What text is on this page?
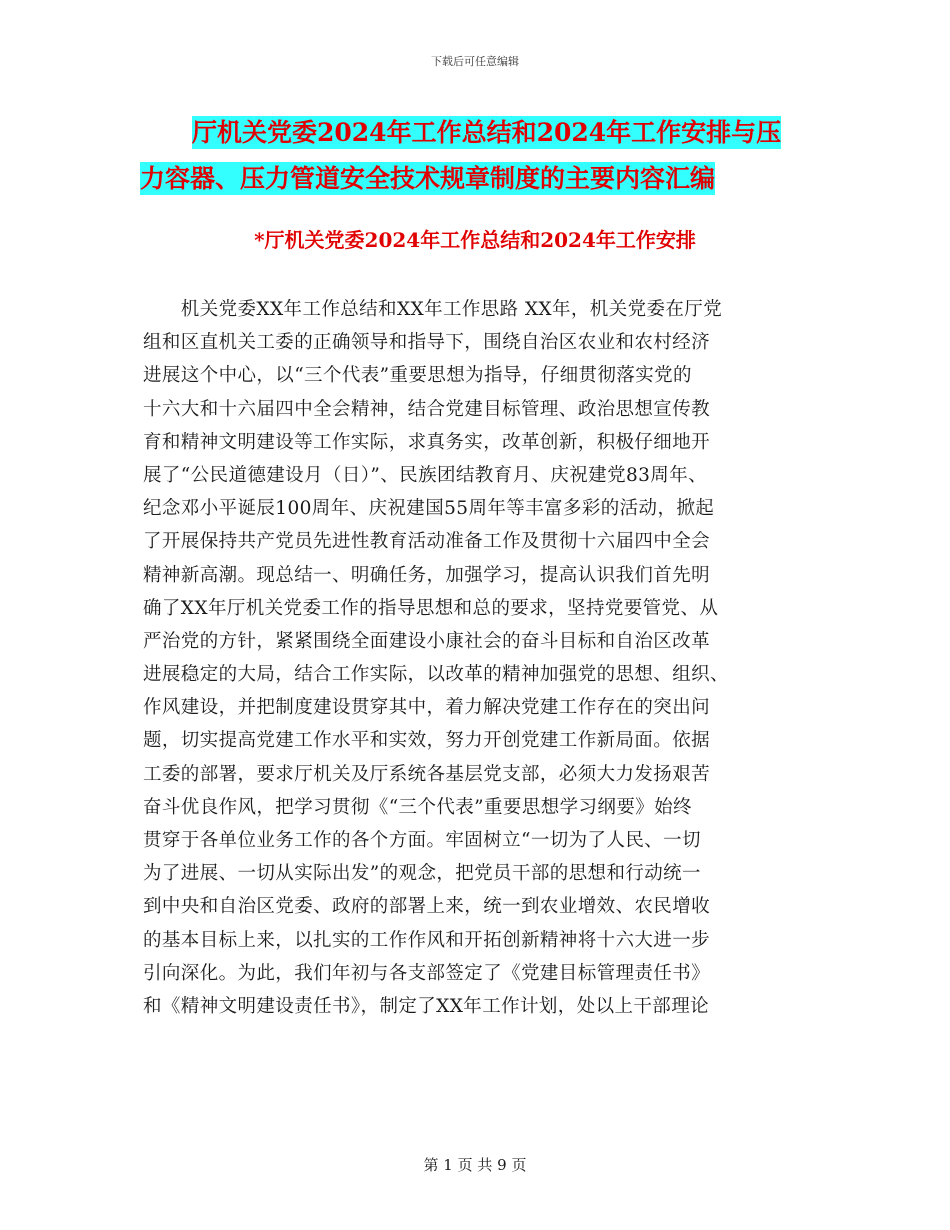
下载后可任意编辑
厅机关党委2024年工作总结和2024年工作安排与压
力容器、压力管道安全技术规章制度的主要内容汇编
*厅机关党委2024年工作总结和2024年工作安排
　　机关党委XX年工作总结和XX年工作思路 XX年，机关党委在厅党
组和区直机关工委的正确领导和指导下，围绕自治区农业和农村经济
进展这个中心，以“三个代表”重要思想为指导，仔细贯彻落实党的
十六大和十六届四中全会精神，结合党建目标管理、政治思想宣传教
育和精神文明建设等工作实际，求真务实，改革创新，积极仔细地开
展了“公民道德建设月（日）”、民族团结教育月、庆祝建党83周年、
纪念邓小平诞辰100周年、庆祝建国55周年等丰富多彩的活动，掀起
了开展保持共产党员先进性教育活动准备工作及贯彻十六届四中全会
精神新高潮。现总结一、明确任务，加强学习，提高认识我们首先明
确了XX年厅机关党委工作的指导思想和总的要求，坚持党要管党、从
严治党的方针，紧紧围绕全面建设小康社会的奋斗目标和自治区改革
进展稳定的大局，结合工作实际，以改革的精神加强党的思想、组织、
作风建设，并把制度建设贯穿其中，着力解决党建工作存在的突出问
题，切实提高党建工作水平和实效，努力开创党建工作新局面。依据
工委的部署，要求厅机关及厅系统各基层党支部，必须大力发扬艰苦
奋斗优良作风，把学习贯彻《“三个代表”重要思想学习纲要》始终
贯穿于各单位业务工作的各个方面。牢固树立“一切为了人民、一切
为了进展、一切从实际出发”的观念，把党员干部的思想和行动统一
到中央和自治区党委、政府的部署上来，统一到农业增效、农民增收
的基本目标上来，以扎实的工作作风和开拓创新精神将十六大进一步
引向深化。为此，我们年初与各支部签定了《党建目标管理责任书》
和《精神文明建设责任书》，制定了XX年工作计划，处以上干部理论
第 1 页 共 9 页
